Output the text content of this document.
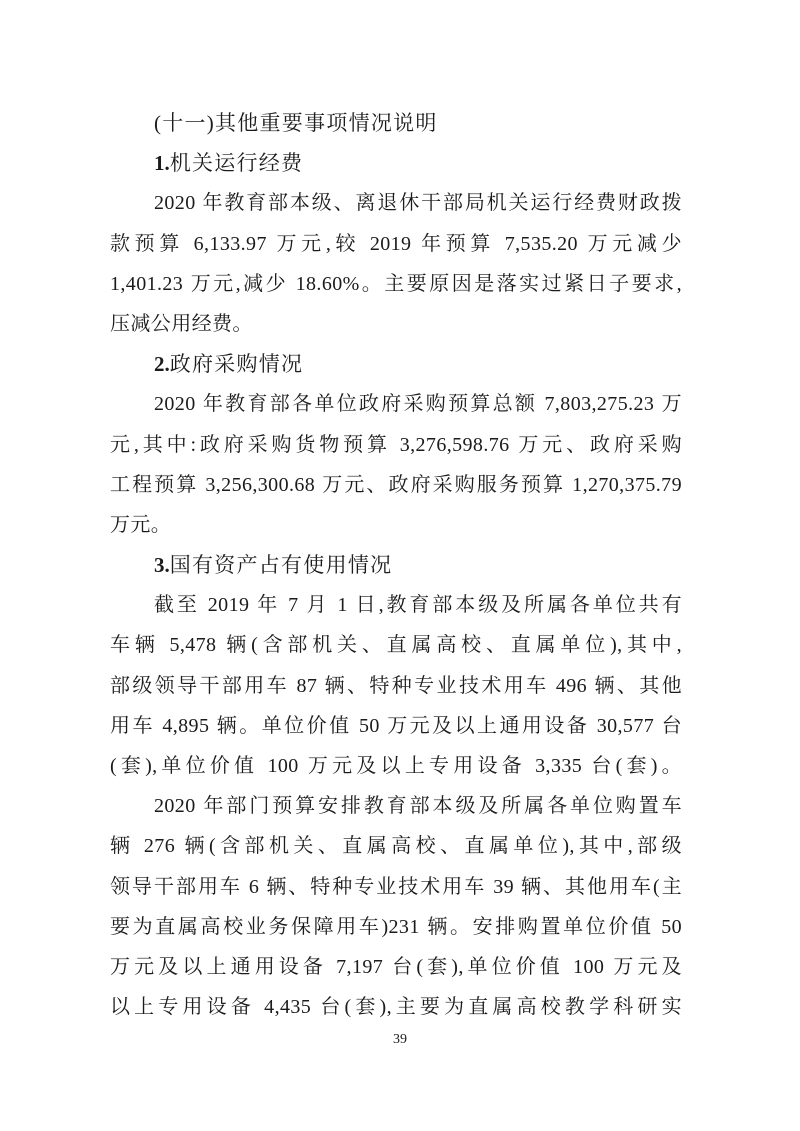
(十一)其他重要事项情况说明
1.机关运行经费
2020 年教育部本级、离退休干部局机关运行经费财政拨
款预算 6,133.97 万元,较 2019 年预算 7,535.20 万元减少
1,401.23 万元,减少 18.60%。主要原因是落实过紧日子要求,
压减公用经费。
2.政府采购情况
2020 年教育部各单位政府采购预算总额 7,803,275.23 万
元,其中:政府采购货物预算 3,276,598.76 万元、政府采购
工程预算 3,256,300.68 万元、政府采购服务预算 1,270,375.79
万元。
3.国有资产占有使用情况
截至 2019 年 7 月 1 日,教育部本级及所属各单位共有
车辆 5,478 辆(含部机关、直属高校、直属单位),其中,
部级领导干部用车 87 辆、特种专业技术用车 496 辆、其他
用车 4,895 辆。单位价值 50 万元及以上通用设备 30,577 台
(套),单位价值 100 万元及以上专用设备 3,335 台(套)。
2020 年部门预算安排教育部本级及所属各单位购置车
辆 276 辆(含部机关、直属高校、直属单位),其中,部级
领导干部用车 6 辆、特种专业技术用车 39 辆、其他用车(主
要为直属高校业务保障用车)231 辆。安排购置单位价值 50
万元及以上通用设备 7,197 台(套),单位价值 100 万元及
以上专用设备 4,435 台(套),主要为直属高校教学科研实
39
